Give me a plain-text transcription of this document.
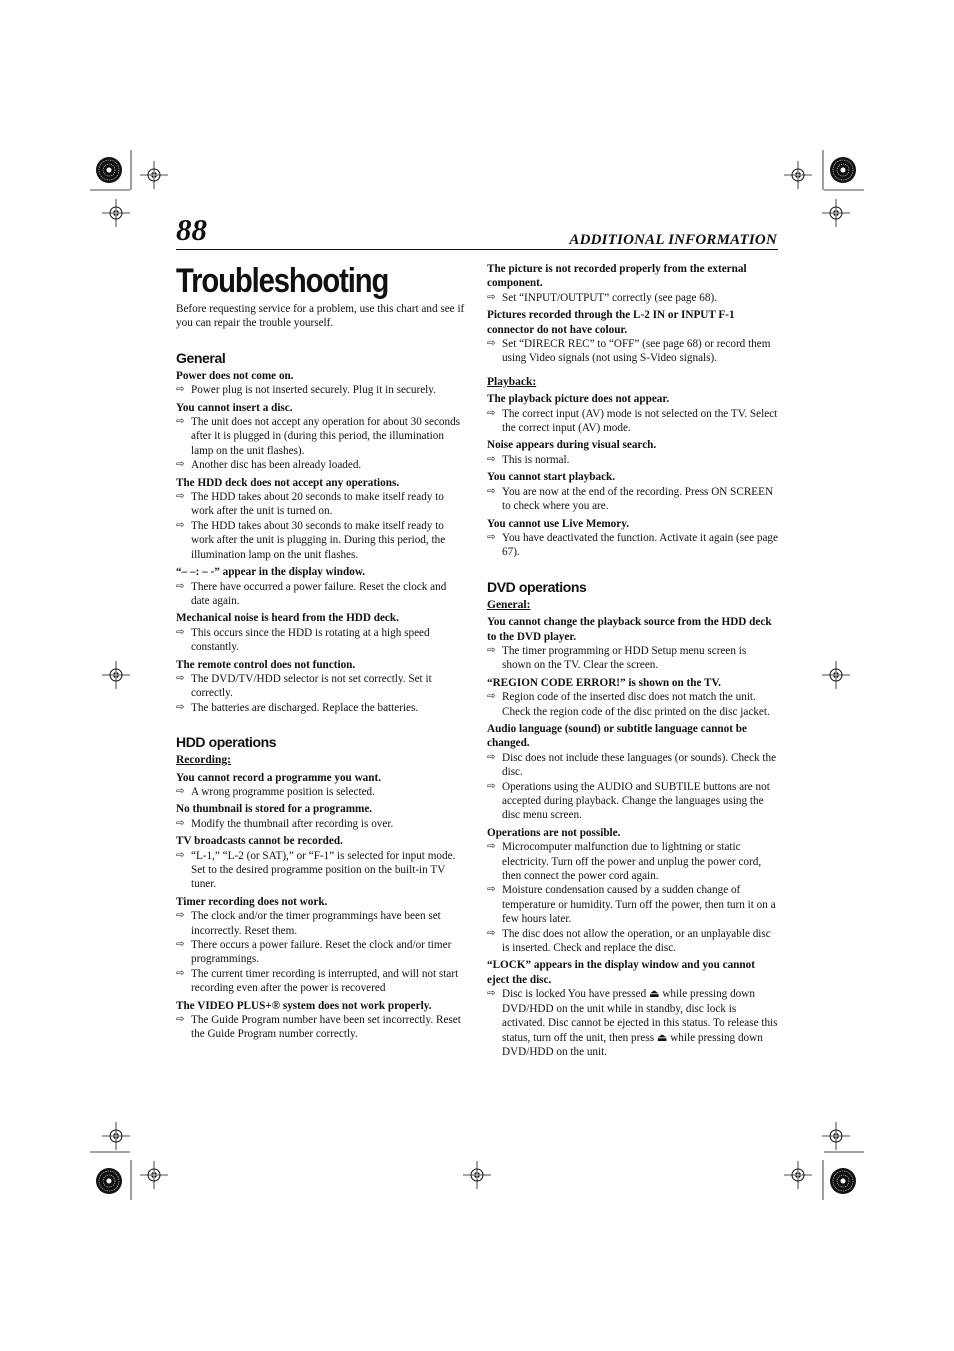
88	ADDITIONAL INFORMATION
Troubleshooting

Before requesting service for a problem, use this chart and see if you can repair the trouble yourself.

General

Power does not come on.

⇨ Power plug is not inserted securely. Plug it in securely.

You cannot insert a disc.

⇨ The unit does not accept any operation for about 30 seconds after it is plugged in (during this period, the illumination lamp on the unit flashes).

⇨ Another disc has been already loaded.

The HDD deck does not accept any operations.

⇨ The HDD takes about 20 seconds to make itself ready to work after the unit is turned on.

⇨ The HDD takes about 30 seconds to make itself ready to work after the unit is plugging in. During this period, the illumination lamp on the unit flashes.

“– –: – -” appear in the display window.

⇨ There have occurred a power failure. Reset the clock and date again.

Mechanical noise is heard from the HDD deck.

⇨ This occurs since the HDD is rotating at a high speed constantly.

The remote control does not function.

⇨ The DVD/TV/HDD selector is not set correctly. Set it correctly.

⇨ The batteries are discharged. Replace the batteries.

HDD operations
Recording:

You cannot record a programme you want.

⇨ A wrong programme position is selected.

No thumbnail is stored for a programme.

⇨ Modify the thumbnail after recording is over.

TV broadcasts cannot be recorded.

⇨ “L-1,” “L-2 (or SAT),” or “F-1” is selected for input mode. Set to the desired programme position on the built-in TV tuner.

Timer recording does not work.

⇨ The clock and/or the timer programmings have been set incorrectly. Reset them.

⇨ There occurs a power failure. Reset the clock and/or timer programmings.

⇨ The current timer recording is interrupted, and will not start recording even after the power is recovered

The VIDEO PLUS+® system does not work properly.

⇨ The Guide Program number have been set incorrectly. Reset the Guide Program number correctly.

The picture is not recorded properly from the external component.

⇨ Set “INPUT/OUTPUT” correctly (see page 68).

Pictures recorded through the L-2 IN or INPUT F-1 connector do not have colour.

⇨ Set “DIRECR REC” to “OFF” (see page 68) or record them using Video signals (not using S-Video signals).

Playback:

The playback picture does not appear.

⇨ The correct input (AV) mode is not selected on the TV. Select the correct input (AV) mode.

Noise appears during visual search.

⇨ This is normal.

You cannot start playback.

⇨ You are now at the end of the recording. Press ON SCREEN to check where you are.

You cannot use Live Memory.

⇨ You have deactivated the function. Activate it again (see page 67).

DVD operations
General:

You cannot change the playback source from the HDD deck to the DVD player.

⇨ The timer programming or HDD Setup menu screen is shown on the TV. Clear the screen.

“REGION CODE ERROR!” is shown on the TV.

⇨ Region code of the inserted disc does not match the unit. Check the region code of the disc printed on the disc jacket.

Audio language (sound) or subtitle language cannot be changed.

⇨ Disc does not include these languages (or sounds). Check the disc.

⇨ Operations using the AUDIO and SUBTILE buttons are not accepted during playback. Change the languages using the disc menu screen.

Operations are not possible.

⇨ Microcomputer malfunction due to lightning or static electricity. Turn off the power and unplug the power cord, then connect the power cord again.

⇨ Moisture condensation caused by a sudden change of temperature or humidity. Turn off the power, then turn it on a few hours later.

⇨ The disc does not allow the operation, or an unplayable disc is inserted. Check and replace the disc.

“LOCK” appears in the display window and you cannot eject the disc.

⇨ Disc is locked You have pressed ⏏ while pressing down DVD/HDD on the unit while in standby, disc lock is activated. Disc cannot be ejected in this status. To release this status, turn off the unit, then press ⏏ while pressing down DVD/HDD on the unit.
